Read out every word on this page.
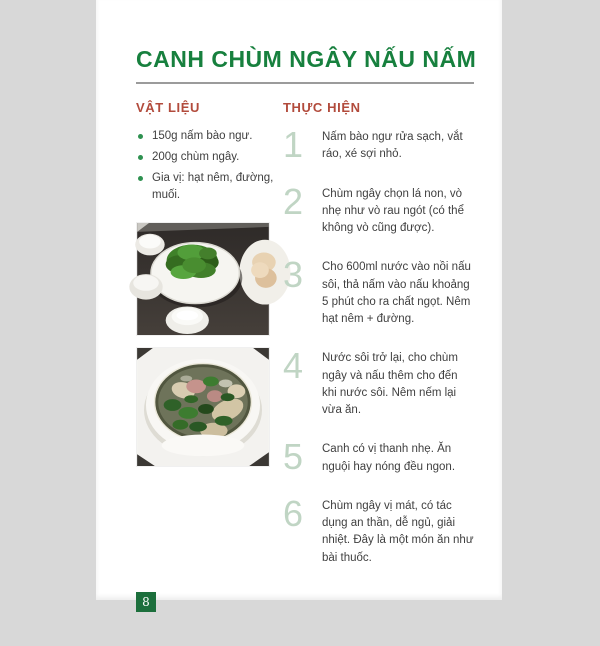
CANH CHÙM NGÂY NẤU NẤM
VẬT LIỆU
150g nấm bào ngư.
200g chùm ngây.
Gia vị: hạt nêm, đường, muối.
THỰC HIỆN
1	Nấm bào ngư rửa sạch, vắt ráo, xé sợi nhỏ.

2	Chùm ngây chọn lá non, vò nhẹ như vò rau ngót (có thể không vò cũng được).

3	Cho 600ml nước vào nồi nấu sôi, thả nấm vào nấu khoảng 5 phút cho ra chất ngọt. Nêm hạt nêm + đường.

4	Nước sôi trở lại, cho chùm ngây và nấu thêm cho đến khi nước sôi. Nêm nếm lại vừa ăn.

5	Canh có vị thanh nhẹ. Ăn nguội hay nóng đều ngon.

6	Chùm ngây vị mát, có tác dụng an thần, dễ ngủ, giải nhiệt. Đây là một món ăn như bài thuốc.

8
